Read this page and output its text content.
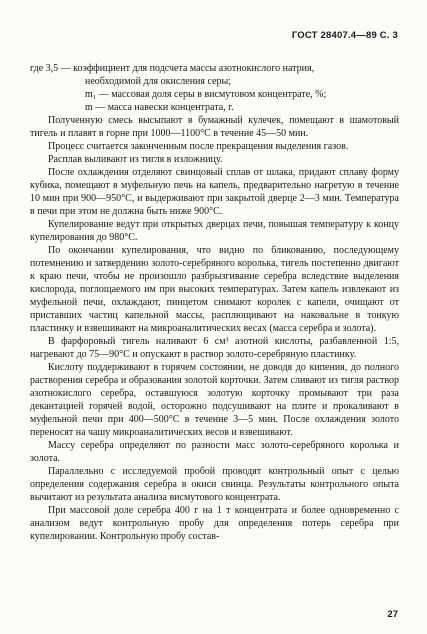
ГОСТ 28407.4—89 С. 3

где 3,5 — коэффициент для подсчета массы азотнокислого натрия,

необходимой для окисления серы;

m₁ — массовая доля серы в висмутовом концентрате, %;

m — масса навески концентрата, г.

Полученную смесь высыпают в бумажный кулечек, помещают в шамотовый тигель и плавят в горне при 1000—1100°C в течение 45—50 мин.

Процесс считается законченным после прекращения выделения газов.

Расплав выливают из тигля в изложницу.

После охлаждения отделяют свинцовый сплав от шлака, придают сплаву форму кубика, помещают в муфельную печь на капель, предварительно нагретую в течение 10 мин при 900—950°C, и выдерживают при закрытой дверце 2—3 мин. Температура в печи при этом не должна быть ниже 900°C.

Купелирование ведут при открытых дверцах печи, повышая температуру к концу купелирования до 980°C.

По окончании купелирования, что видно по бликованию, последующему потемнению и затвердению золото-серебряного королька, тигель постепенно двигают к краю печи, чтобы не произошло разбрызгивание серебра вследствие выделения кислорода, поглощаемого им при высоких температурах. Затем капель извлекают из муфельной печи, охлаждают, пинцетом снимают королек с капели, очищают от приставших частиц капельной массы, расплющивают на наковальне в тонкую пластинку и взвешивают на микроаналитических весах (масса серебра и золота).

В фарфоровый тигель наливают 6 см³ азотной кислоты, разбавленной 1:5, нагревают до 75—90°C и опускают в раствор золото-серебряную пластинку.

Кислоту поддерживают в горячем состоянии, не доводя до кипения, до полного растворения серебра и образования золотой корточки. Затем сливают из тигля раствор азотнокислого серебра, оставшуюся золотую корточку промывают три раза декантацией горячей водой, осторожно подсушивают на плите и прокаливают в муфельной печи при 400—500°C в течение 3—5 мин. После охлаждения золото переносят на чашу микроаналитических весов и взвешивают.

Массу серебра определяют по разности масс золото-серебряного королька и золота.

Параллельно с исследуемой пробой проводят контрольный опыт с целью определения содержания серебра в окиси свинца. Результаты контрольного опыта вычитают из результата анализа висмутового концентрата.

При массовой доле серебра 400 г на 1 т концентрата и более одновременно с анализом ведут контрольную пробу для определения потерь серебра при купелировании. Контрольную пробу состав-

27
